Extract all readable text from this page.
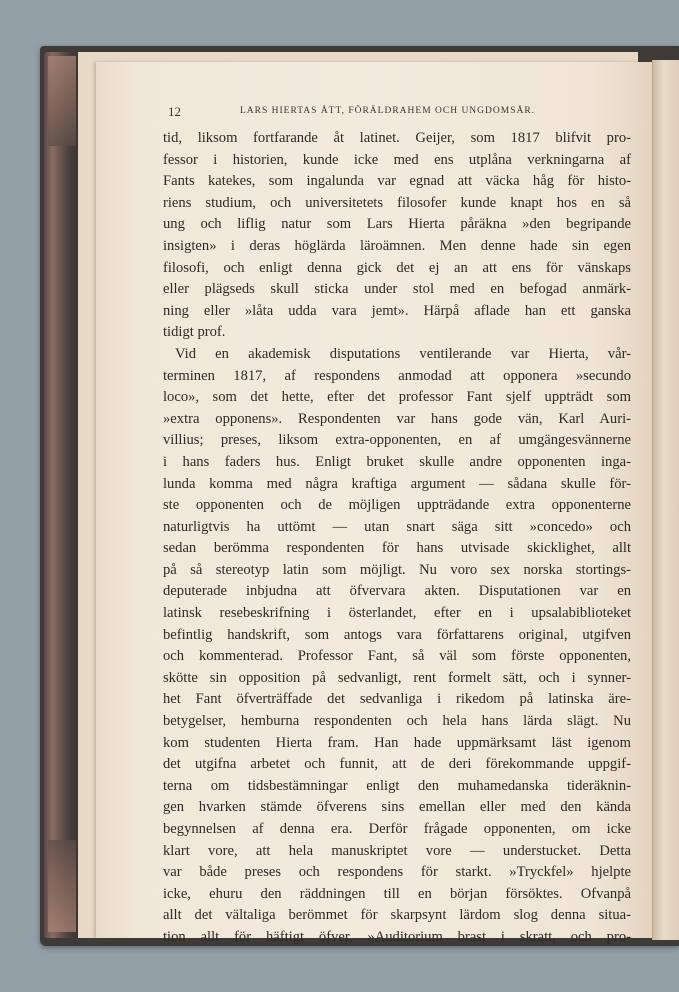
12	LARS HIERTAS ÅTT, FÖRÄLDRAHEM OCH UNGDOMSÅR.
tid, liksom fortfarande åt latinet. Geijer, som 1817 blifvit pro-
fessor i historien, kunde icke med ens utplåna verkningarna af
Fants katekes, som ingalunda var egnad att väcka håg för histo-
riens studium, och universitetets filosofer kunde knapt hos en så
ung och liflig natur som Lars Hierta påräkna »den begripande
insigten» i deras höglärda läroämnen. Men denne hade sin egen
filosofi, och enligt denna gick det ej an att ens för vänskaps
eller plägseds skull sticka under stol med en befogad anmärk-
ning eller »låta udda vara jemt». Härpå aflade han ett ganska
tidigt prof.
Vid en akademisk disputations ventilerande var Hierta, vår-
terminen 1817, af respondens anmodad att opponera »secundo
loco», som det hette, efter det professor Fant sjelf uppträdt som
»extra opponens». Respondenten var hans gode vän, Karl Auri-
villius; preses, liksom extra-opponenten, en af umgängesvännerne
i hans faders hus. Enligt bruket skulle andre opponenten inga-
lunda komma med några kraftiga argument — sådana skulle för-
ste opponenten och de möjligen uppträdande extra opponenterne
naturligtvis ha uttömt — utan snart säga sitt »concedo» och
sedan berömma respondenten för hans utvisade skicklighet, allt
på så stereotyp latin som möjligt. Nu voro sex norska stortings-
deputerade inbjudna att öfvervara akten. Disputationen var en
latinsk resebeskrifning i österlandet, efter en i upsalabiblioteket
befintlig handskrift, som antogs vara författarens original, utgifven
och kommenterad. Professor Fant, så väl som förste opponenten,
skötte sin opposition på sedvanligt, rent formelt sätt, och i synner-
het Fant öfverträffade det sedvanliga i rikedom på latinska äre-
betygelser, hemburna respondenten och hela hans lärda slägt. Nu
kom studenten Hierta fram. Han hade uppmärksamt läst igenom
det utgifna arbetet och funnit, att de deri förekommande uppgif-
terna om tidsbestämningar enligt den muhamedanska tideräknin-
gen hvarken stämde öfverens sins emellan eller med den kända
begynnelsen af denna era. Derför frågade opponenten, om icke
klart vore, att hela manuskriptet vore — understucket. Detta
var både preses och respondens för starkt. »Tryckfel» hjelpte
icke, ehuru den räddningen till en början försöktes. Ofvanpå
allt det vältaliga berömmet för skarpsynt lärdom slog denna situa-
tion allt för häftigt öfver. »Auditorium brast i skratt, och pro-
